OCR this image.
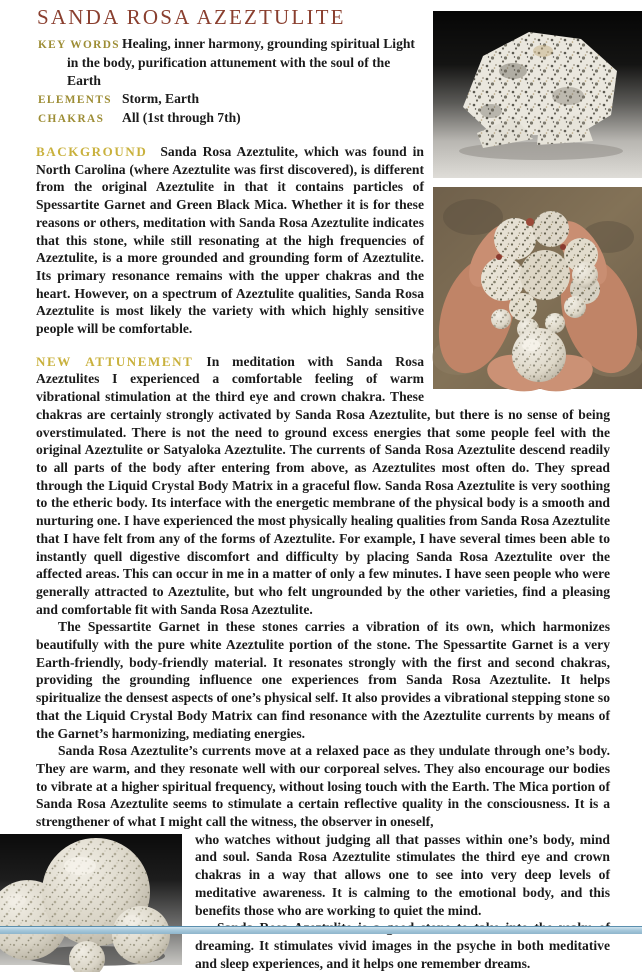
SANDA ROSA AZEZTULITE
KEY WORDS Healing, inner harmony, grounding spiritual Light in the body, purification attunement with the soul of the Earth
ELEMENTS Storm, Earth
CHAKRAS All (1st through 7th)

BACKGROUND Sanda Rosa Azeztulite, which was found in North Carolina (where Azeztulite was first discovered), is different from the original Azeztulite in that it contains particles of Spessartite Garnet and Green Black Mica. Whether it is for these reasons or others, meditation with Sanda Rosa Azeztulite indicates that this stone, while still resonating at the high frequencies of Azeztulite, is a more grounded and grounding form of Azeztulite. Its primary resonance remains with the upper chakras and the heart. However, on a spectrum of Azeztulite qualities, Sanda Rosa Azeztulite is most likely the variety with which highly sensitive people will be comfortable.

NEW ATTUNEMENT In meditation with Sanda Rosa Azeztulites I experienced a comfortable feeling of warm vibrational stimulation at the third eye and crown chakra. These chakras are certainly strongly activated by Sanda Rosa Azeztulite, but there is no sense of being overstimulated. There is not the need to ground excess energies that some people feel with the original Azeztulite or Satyaloka Azeztulite. The currents of Sanda Rosa Azeztulite descend readily to all parts of the body after entering from above, as Azeztulites most often do. They spread through the Liquid Crystal Body Matrix in a graceful flow. Sanda Rosa Azeztulite is very soothing to the etheric body. Its interface with the energetic membrane of the physical body is a smooth and nurturing one. I have experienced the most physically healing qualities from Sanda Rosa Azeztulite that I have felt from any of the forms of Azeztulite. For example, I have several times been able to instantly quell digestive discomfort and difficulty by placing Sanda Rosa Azeztulite over the affected areas. This can occur in me in a matter of only a few minutes. I have seen people who were generally attracted to Azeztulite, but who felt ungrounded by the other varieties, find a pleasing and comfortable fit with Sanda Rosa Azeztulite.

The Spessartite Garnet in these stones carries a vibration of its own, which harmonizes beautifully with the pure white Azeztulite portion of the stone. The Spessartite Garnet is a very Earth-friendly, body-friendly material. It resonates strongly with the first and second chakras, providing the grounding influence one experiences from Sanda Rosa Azeztulite. It helps spiritualize the densest aspects of one’s physical self. It also provides a vibrational stepping stone so that the Liquid Crystal Body Matrix can find resonance with the Azeztulite currents by means of the Garnet’s harmonizing, mediating energies.

Sanda Rosa Azeztulite’s currents move at a relaxed pace as they undulate through one’s body. They are warm, and they resonate well with our corporeal selves. They also encourage our bodies to vibrate at a higher spiritual frequency, without losing touch with the Earth. The Mica portion of Sanda Rosa Azeztulite seems to stimulate a certain reflective quality in the consciousness. It is a strengthener of what I might call the witness, the observer in oneself,

who watches without judging all that passes within one’s body, mind and soul. Sanda Rosa Azeztulite stimulates the third eye and crown chakras in a way that allows one to see into very deep levels of meditative awareness. It is calming to the emotional body, and this benefits those who are working to quiet the mind.

dreaming. It stimulates vivid images in the psyche in both meditative and sleep experiences, and it helps one remember dreams.
